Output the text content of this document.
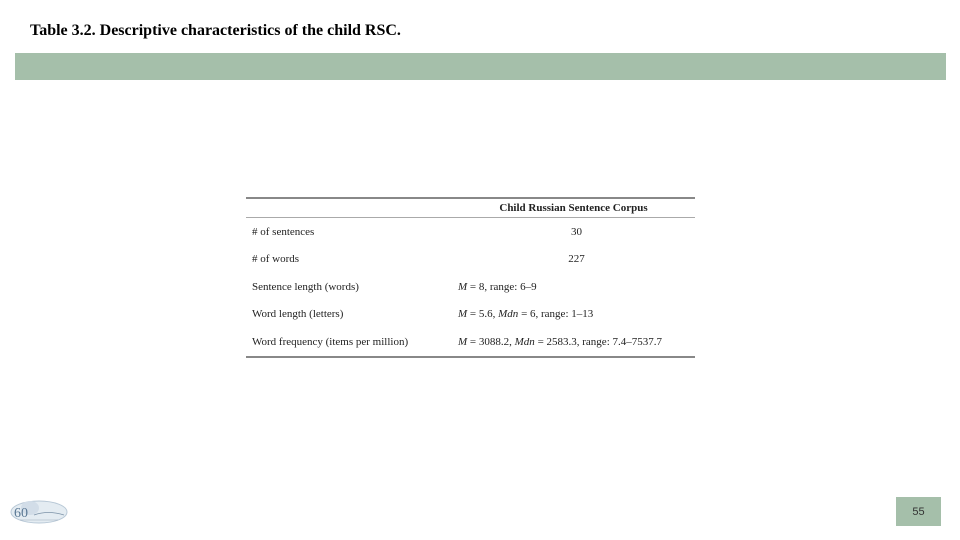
Table 3.2. Descriptive characteristics of the child RSC.
	Child Russian Sentence Corpus
# of sentences	30
# of words	227
Sentence length (words)	M = 8, range: 6–9
Word length (letters)	M = 5.6, Mdn = 6, range: 1–13
Word frequency (items per million)	M = 3088.2, Mdn = 2583.3, range: 7.4–7537.7
60	55
